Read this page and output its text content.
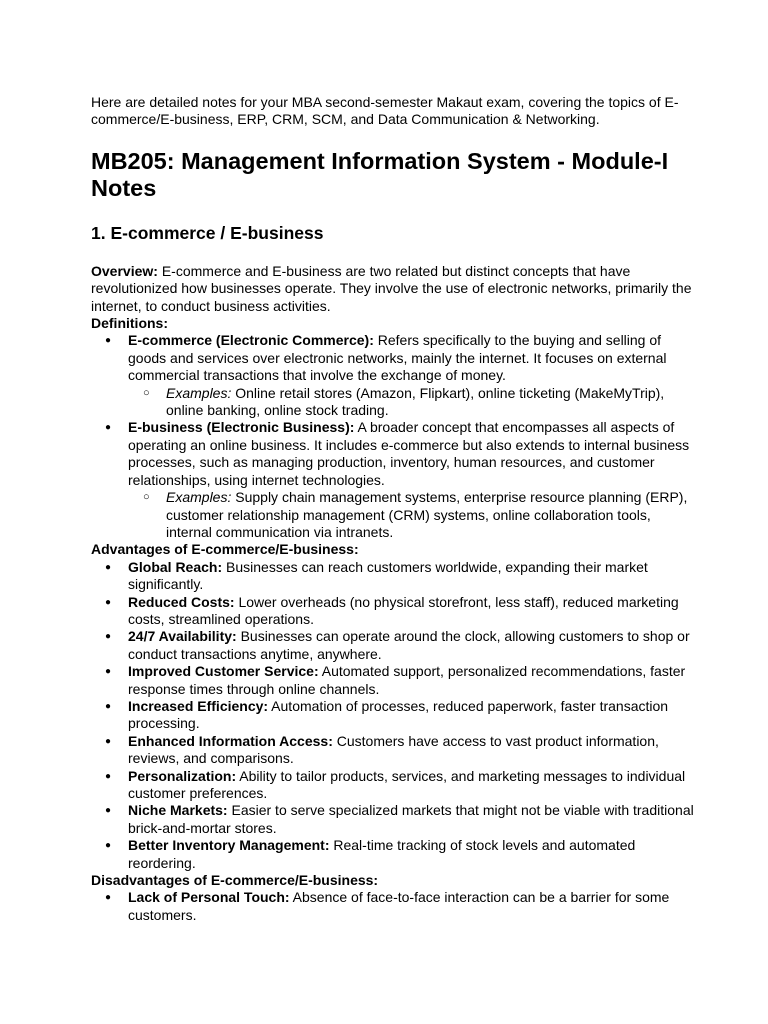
Here are detailed notes for your MBA second-semester Makaut exam, covering the topics of E-commerce/E-business, ERP, CRM, SCM, and Data Communication & Networking.

MB205: Management Information System - Module-I Notes
1. E-commerce / E-business

Overview: E-commerce and E-business are two related but distinct concepts that have revolutionized how businesses operate. They involve the use of electronic networks, primarily the internet, to conduct business activities.

Definitions:

● E-commerce (Electronic Commerce): Refers specifically to the buying and selling of goods and services over electronic networks, mainly the internet. It focuses on external commercial transactions that involve the exchange of money.
○ Examples: Online retail stores (Amazon, Flipkart), online ticketing (MakeMyTrip), online banking, online stock trading.
● E-business (Electronic Business): A broader concept that encompasses all aspects of operating an online business. It includes e-commerce but also extends to internal business processes, such as managing production, inventory, human resources, and customer relationships, using internet technologies.
○ Examples: Supply chain management systems, enterprise resource planning (ERP), customer relationship management (CRM) systems, online collaboration tools, internal communication via intranets.

Advantages of E-commerce/E-business:

● Global Reach: Businesses can reach customers worldwide, expanding their market significantly.
● Reduced Costs: Lower overheads (no physical storefront, less staff), reduced marketing costs, streamlined operations.
● 24/7 Availability: Businesses can operate around the clock, allowing customers to shop or conduct transactions anytime, anywhere.
● Improved Customer Service: Automated support, personalized recommendations, faster response times through online channels.
● Increased Efficiency: Automation of processes, reduced paperwork, faster transaction processing.
● Enhanced Information Access: Customers have access to vast product information, reviews, and comparisons.
● Personalization: Ability to tailor products, services, and marketing messages to individual customer preferences.
● Niche Markets: Easier to serve specialized markets that might not be viable with traditional brick-and-mortar stores.
● Better Inventory Management: Real-time tracking of stock levels and automated reordering.

Disadvantages of E-commerce/E-business:

● Lack of Personal Touch: Absence of face-to-face interaction can be a barrier for some customers.
